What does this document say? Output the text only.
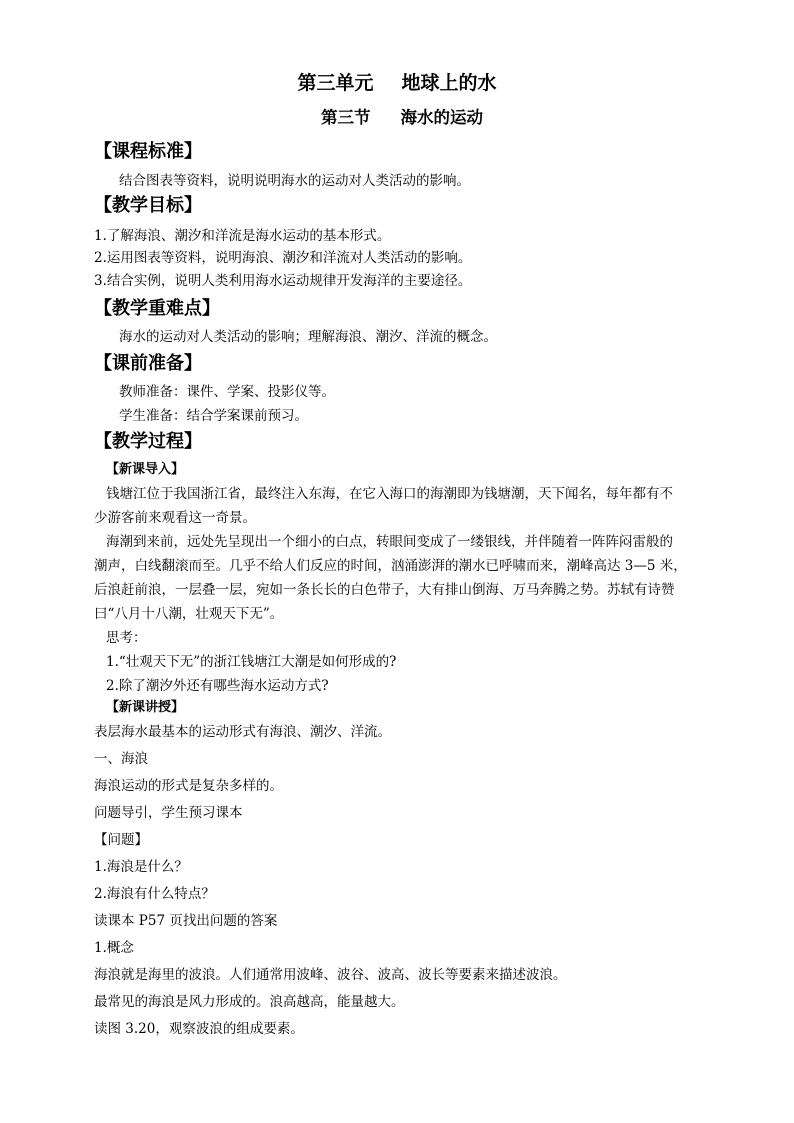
第三单元 地球上的水
第三节 海水的运动
【课程标准】
结合图表等资料，说明说明海水的运动对人类活动的影响。
【教学目标】
1.了解海浪、潮汐和洋流是海水运动的基本形式。
2.运用图表等资料，说明海浪、潮汐和洋流对人类活动的影响。
3.结合实例，说明人类利用海水运动规律开发海洋的主要途径。
【教学重难点】
海水的运动对人类活动的影响；理解海浪、潮汐、洋流的概念。
【课前准备】
教师准备：课件、学案、投影仪等。
学生准备：结合学案课前预习。
【教学过程】
【新课导入】
钱塘江位于我国浙江省，最终注入东海，在它入海口的海潮即为钱塘潮，天下闻名，每年都有不
少游客前来观看这一奇景。
海潮到来前，远处先呈现出一个细小的白点，转眼间变成了一缕银线，并伴随着一阵阵闷雷般的
潮声，白线翻滚而至。几乎不给人们反应的时间，汹涌澎湃的潮水已呼啸而来，潮峰高达 3—5 米，
后浪赶前浪，一层叠一层，宛如一条长长的白色带子，大有排山倒海、万马奔腾之势。苏轼有诗赞
曰“八月十八潮，壮观天下无”。
思考：
1.“壮观天下无”的浙江钱塘江大潮是如何形成的?
2.除了潮汐外还有哪些海水运动方式?
【新课讲授】
表层海水最基本的运动形式有海浪、潮汐、洋流。
一、海浪
海浪运动的形式是复杂多样的。
问题导引，学生预习课本
【问题】
1.海浪是什么？
2.海浪有什么特点？
读课本 P57 页找出问题的答案
1.概念
海浪就是海里的波浪。人们通常用波峰、波谷、波高、波长等要素来描述波浪。
最常见的海浪是风力形成的。浪高越高，能量越大。
读图 3.20，观察波浪的组成要素。
